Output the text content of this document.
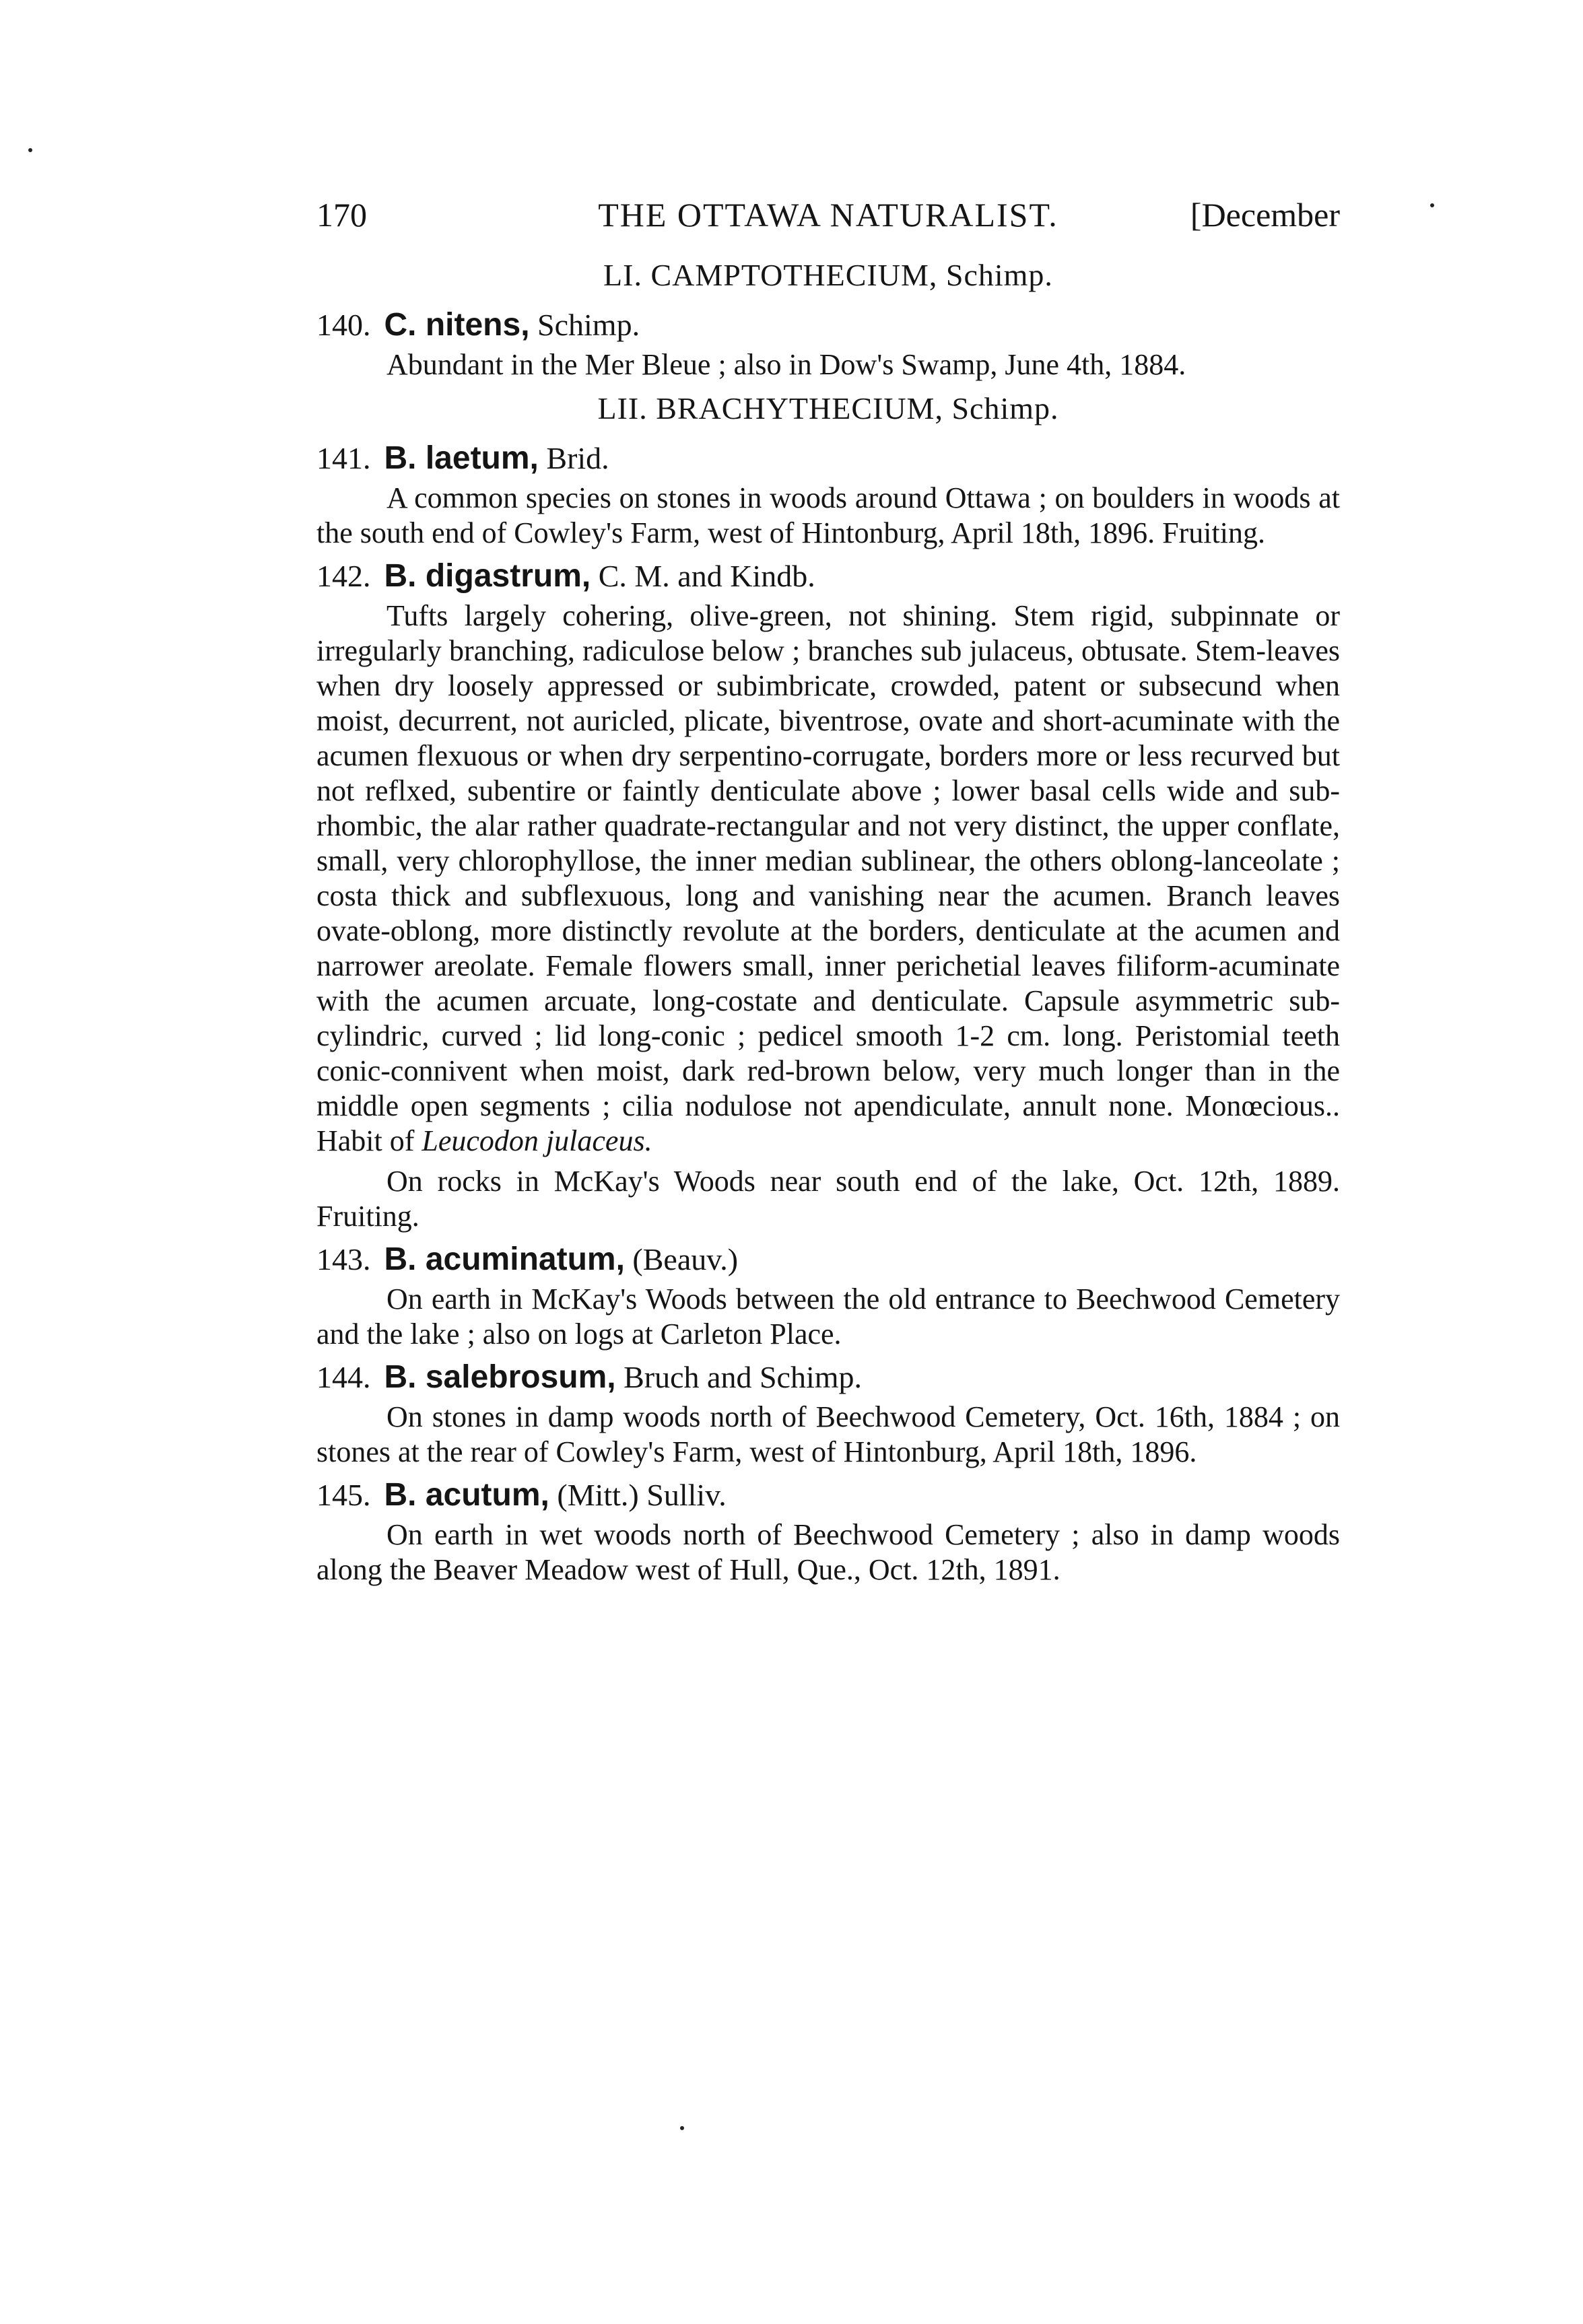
170	THE OTTAWA NATURALIST.	[December
LI. CAMPTOTHECIUM, Schimp.
140. C. nitens, Schimp.

Abundant in the Mer Bleue ; also in Dow's Swamp, June 4th, 1884.

LII. BRACHYTHECIUM, Schimp.
141. B. laetum, Brid.

A common species on stones in woods around Ottawa ; on boulders in woods at the south end of Cowley's Farm, west of Hintonburg, April 18th, 1896. Fruiting.

142. B. digastrum, C. M. and Kindb.

Tufts largely cohering, olive-green, not shining. Stem rigid, subpinnate or irregularly branching, radiculose below ; branches sub julaceus, obtusate. Stem-leaves when dry loosely appressed or subimbricate, crowded, patent or subsecund when moist, decurrent, not auricled, plicate, biventrose, ovate and short-acuminate with the acumen flexuous or when dry serpentino-corrugate, borders more or less recurved but not reflxed, subentire or faintly denticulate above ; lower basal cells wide and sub-rhombic, the alar rather quadrate-rectangular and not very distinct, the upper conflate, small, very chlorophyllose, the inner median sublinear, the others oblong-lanceolate ; costa thick and subflexuous, long and vanishing near the acumen. Branch leaves ovate-oblong, more distinctly revolute at the borders, denticulate at the acumen and narrower areolate. Female flowers small, inner perichetial leaves filiform-acuminate with the acumen arcuate, long-costate and denticulate. Capsule asymmetric sub-cylindric, curved ; lid long-conic ; pedicel smooth 1-2 cm. long. Peristomial teeth conic-connivent when moist, dark red-brown below, very much longer than in the middle open segments ; cilia nodulose not apendiculate, annult none. Monœcious.. Habit of Leucodon julaceus.

On rocks in McKay's Woods near south end of the lake, Oct. 12th, 1889. Fruiting.

143. B. acuminatum, (Beauv.)

On earth in McKay's Woods between the old entrance to Beechwood Cemetery and the lake ; also on logs at Carleton Place.

144. B. salebrosum, Bruch and Schimp.

On stones in damp woods north of Beechwood Cemetery, Oct. 16th, 1884 ; on stones at the rear of Cowley's Farm, west of Hintonburg, April 18th, 1896.

145. B. acutum, (Mitt.) Sulliv.

On earth in wet woods north of Beechwood Cemetery ; also in damp woods along the Beaver Meadow west of Hull, Que., Oct. 12th, 1891.
